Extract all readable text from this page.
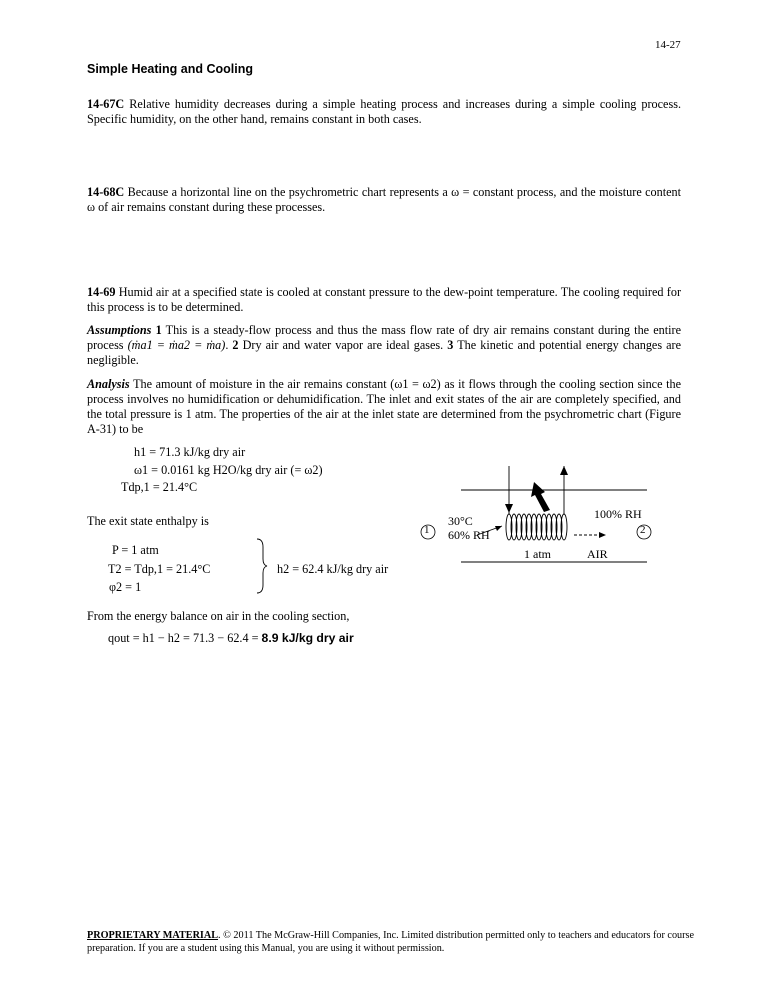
14-27
Simple Heating and Cooling
14-67C Relative humidity decreases during a simple heating process and increases during a simple cooling process. Specific humidity, on the other hand, remains constant in both cases.
14-68C Because a horizontal line on the psychrometric chart represents a ω = constant process, and the moisture content ω of air remains constant during these processes.
14-69 Humid air at a specified state is cooled at constant pressure to the dew-point temperature. The cooling required for this process is to be determined.
Assumptions 1 This is a steady-flow process and thus the mass flow rate of dry air remains constant during the entire process (ṁa1 = ṁa2 = ṁa). 2 Dry air and water vapor are ideal gases. 3 The kinetic and potential energy changes are negligible.
Analysis The amount of moisture in the air remains constant (ω1 = ω2) as it flows through the cooling section since the process involves no humidification or dehumidification. The inlet and exit states of the air are completely specified, and the total pressure is 1 atm. The properties of the air at the inlet state are determined from the psychrometric chart (Figure A-31) to be
h1 = 71.3 kJ/kg dry air
ω1 = 0.0161 kg H2O/kg dry air (= ω2)
Tdp,1 = 21.4°C
The exit state enthalpy is
P = 1 atm
T2 = Tdp,1 = 21.4°C
φ2 = 1
h2 = 62.4 kJ/kg dry air
From the energy balance on air in the cooling section,
qout = h1 − h2 = 71.3 − 62.4 = 8.9 kJ/kg dry air
1	2
30°C
60% RH
1 atm	AIR
100% RH
PROPRIETARY MATERIAL. © 2011 The McGraw-Hill Companies, Inc. Limited distribution permitted only to teachers and educators for course
preparation. If you are a student using this Manual, you are using it without permission.
